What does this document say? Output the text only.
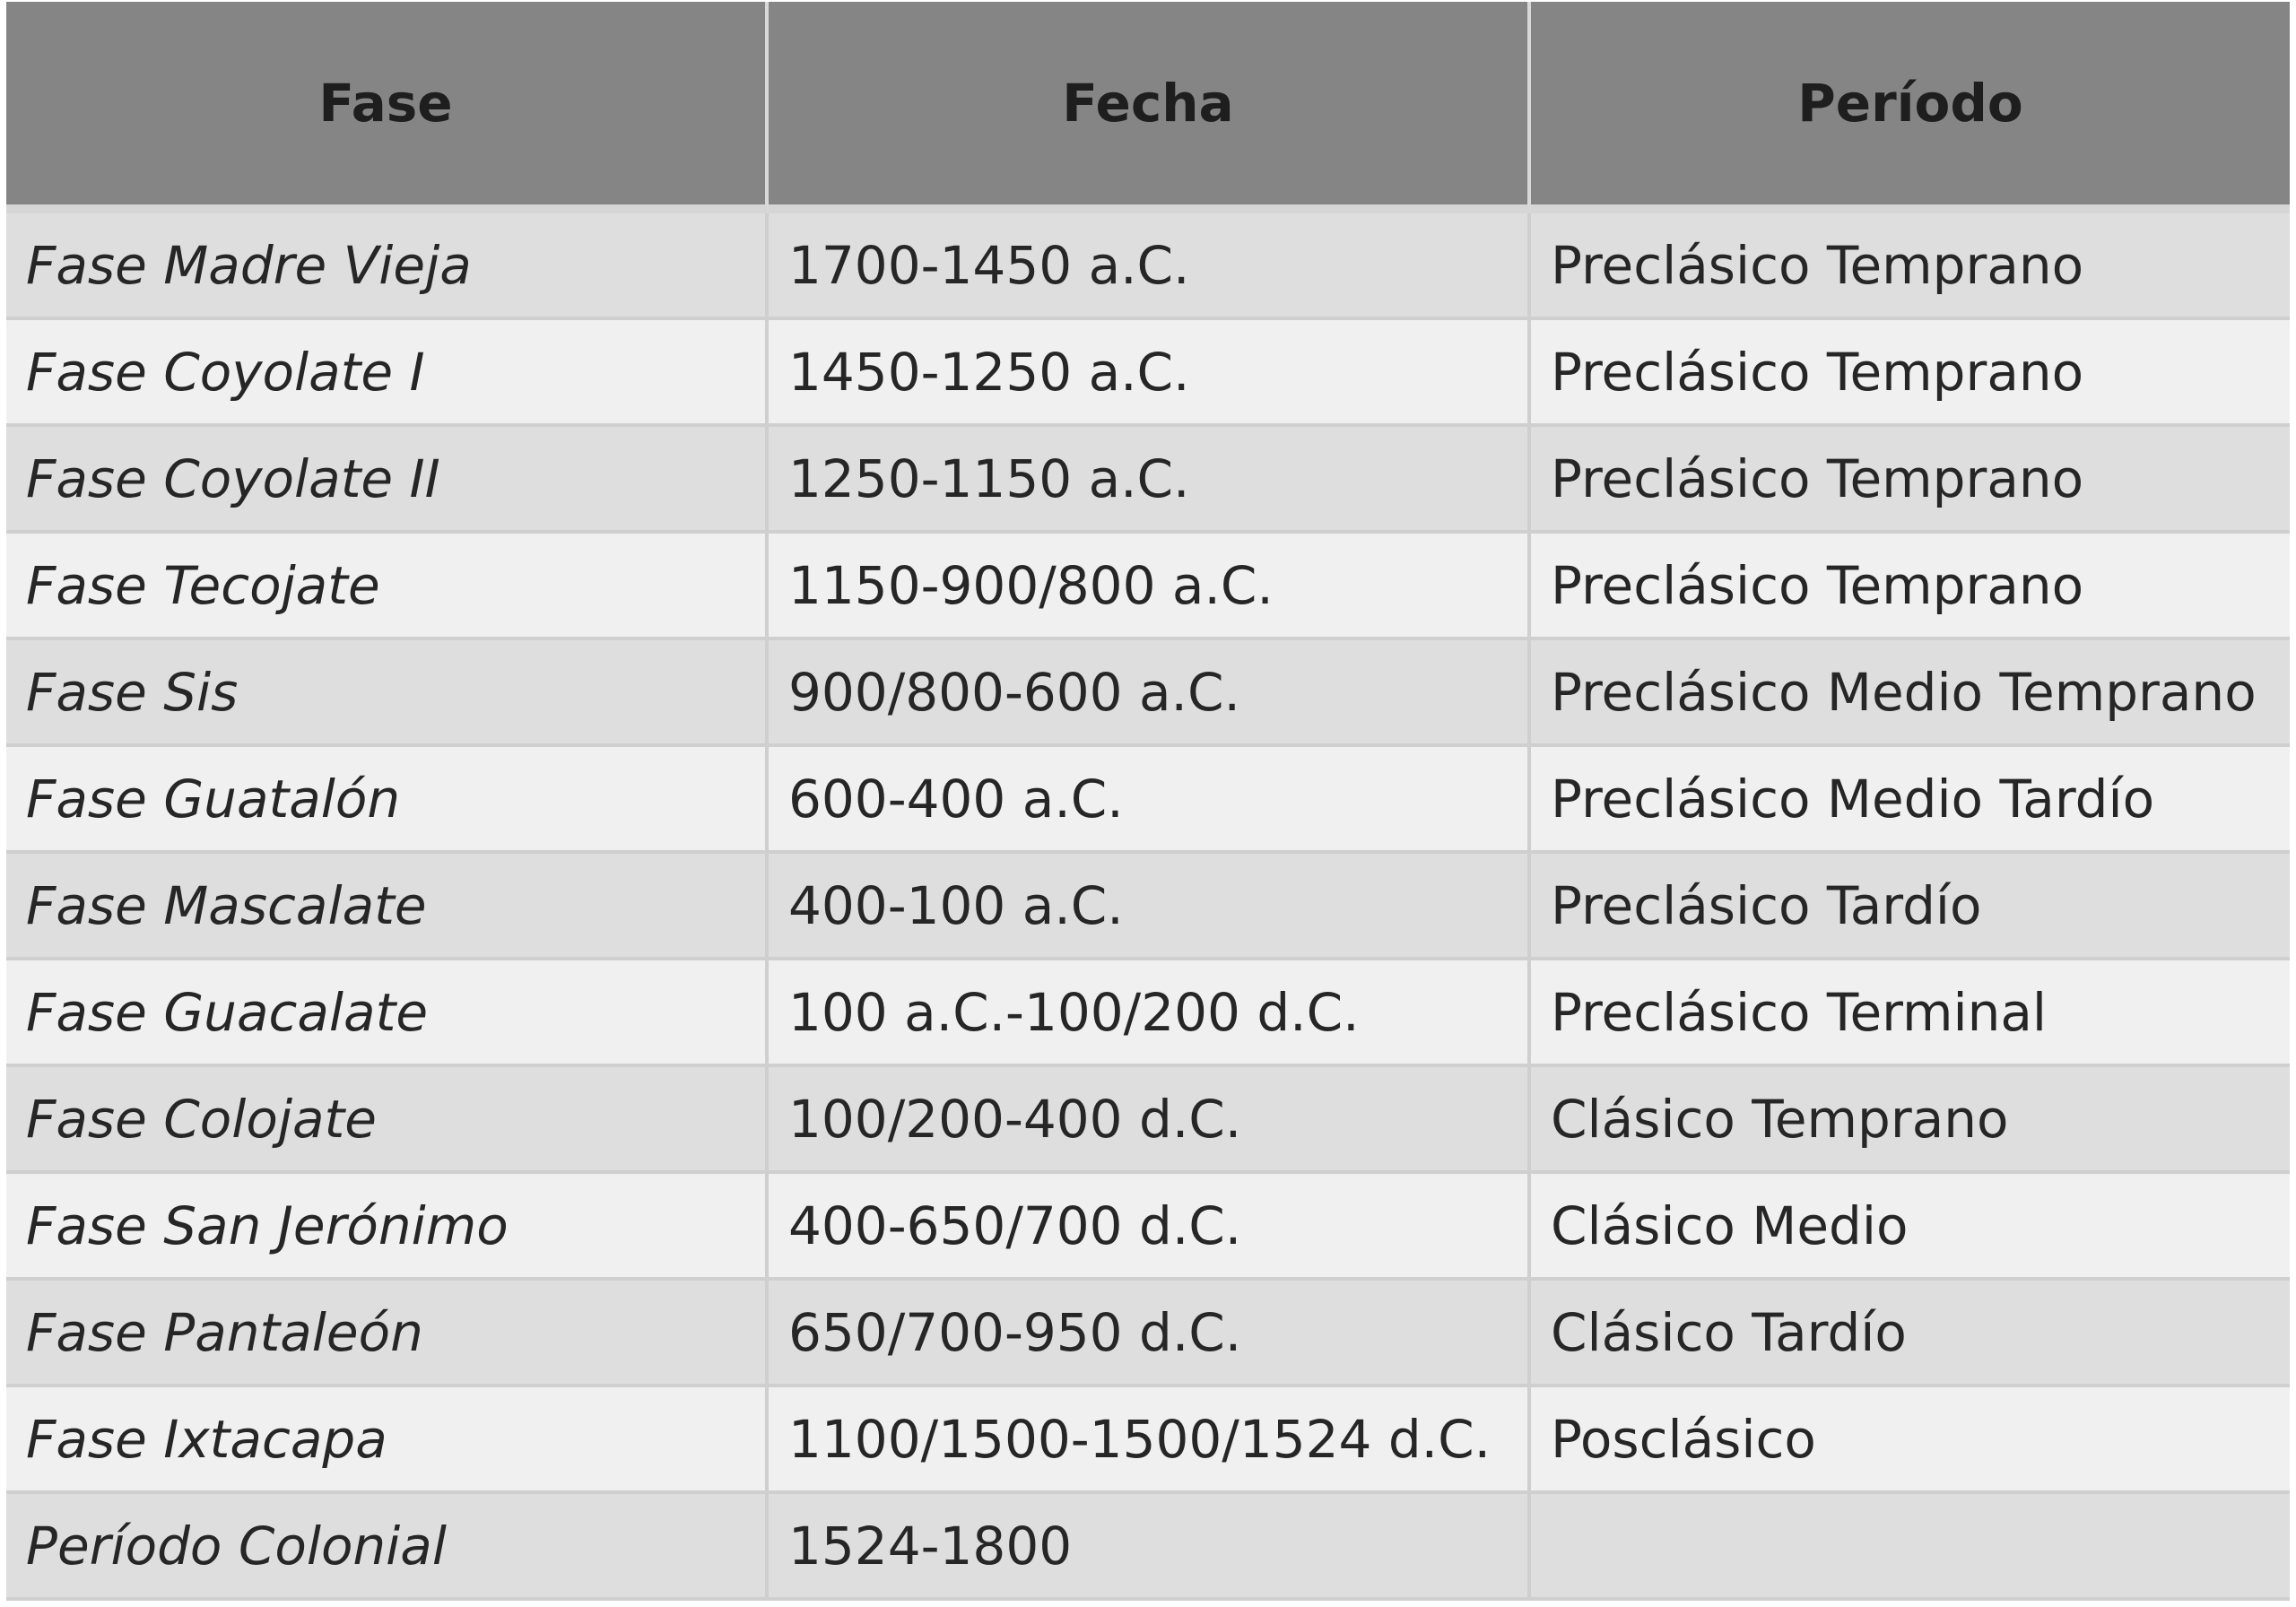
Fase	Fecha	Período
Fase Madre Vieja	1700-1450 a.C.	Preclásico Temprano
Fase Coyolate I	1450-1250 a.C.	Preclásico Temprano
Fase Coyolate II	1250-1150 a.C.	Preclásico Temprano
Fase Tecojate	1150-900/800 a.C.	Preclásico Temprano
Fase Sis	900/800-600 a.C.	Preclásico Medio Temprano
Fase Guatalón	600-400 a.C.	Preclásico Medio Tardío
Fase Mascalate	400-100 a.C.	Preclásico Tardío
Fase Guacalate	100 a.C.-100/200 d.C.	Preclásico Terminal
Fase Colojate	100/200-400 d.C.	Clásico Temprano
Fase San Jerónimo	400-650/700 d.C.	Clásico Medio
Fase Pantaleón	650/700-950 d.C.	Clásico Tardío
Fase Ixtacapa	1100/1500-1500/1524 d.C.	Posclásico
Período Colonial	1524-1800	
